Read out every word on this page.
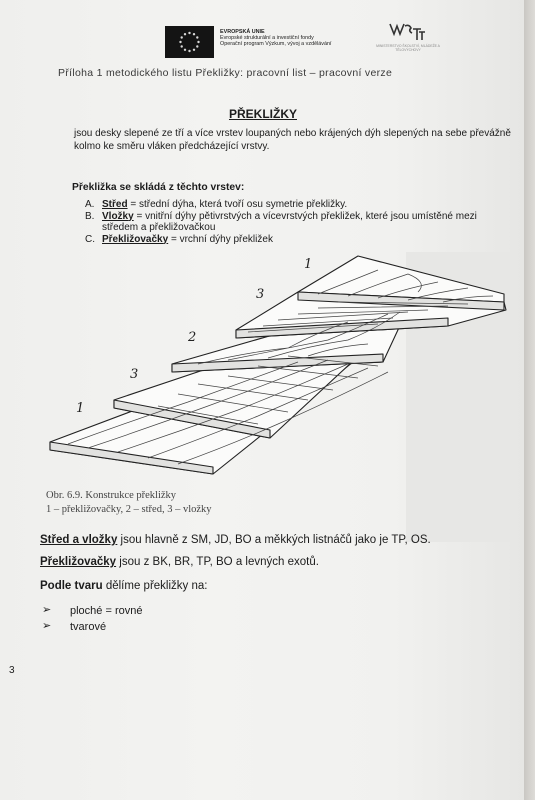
EVROPSKÁ UNIE
Evropské strukturální a investiční fondy
Operační program Výzkum, vývoj a vzdělávání	MINISTERSTVO ŠKOLSTVÍ, MLÁDEŽE A TĚLOVÝCHOVY
Příloha 1 metodického listu Překližky: pracovní list – pracovní verze
PŘEKLIŽKY
jsou desky slepené ze tří a více vrstev loupaných nebo krájených dýh slepených na sebe převážně kolmo ke směru vláken předcházející vrstvy.
Překližka se skládá z těchto vrstev:
A. Střed = střední dýha, která tvoří osu symetrie překližky.
B. Vložky = vnitřní dýhy pětivrstvých a vícevrstvých překližek, které jsou umístěné mezi středem a překližovačkou
C. Překližovačky = vrchní dýhy překližek
1
3
2
3
1
Obr. 6.9. Konstrukce překližky
1 – překližovačky, 2 – střed, 3 – vložky
Střed a vložky jsou hlavně z SM, JD, BO a měkkých listnáčů jako je TP, OS.
Překližovačky jsou z BK, BR, TP, BO a levných exotů.
Podle tvaru dělíme překližky na:
➢ ploché = rovné
➢ tvarové
3
